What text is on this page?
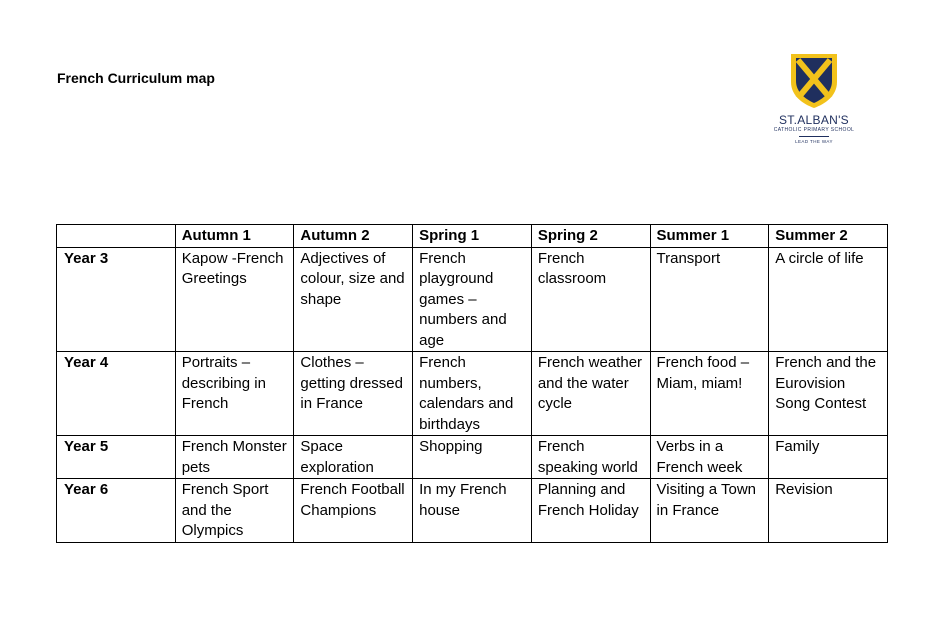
French Curriculum map
ST.ALBAN'S
CATHOLIC PRIMARY SCHOOL
LEAD THE WAY
	Autumn 1	Autumn 2	Spring 1	Spring 2	Summer 1	Summer 2
Year 3	Kapow -French Greetings	Adjectives of colour, size and shape	French playground games – numbers and age	French classroom	Transport	A circle of life
Year 4	Portraits – describing in French	Clothes – getting dressed in France	French numbers, calendars and birthdays	French weather and the water cycle	French food – Miam, miam!	French and the Eurovision Song Contest
Year 5	French Monster pets	Space exploration	Shopping	French speaking world	Verbs in a French week	Family
Year 6	French Sport and the Olympics	French Football Champions	In my French house	Planning and French Holiday	Visiting a Town in France	Revision
